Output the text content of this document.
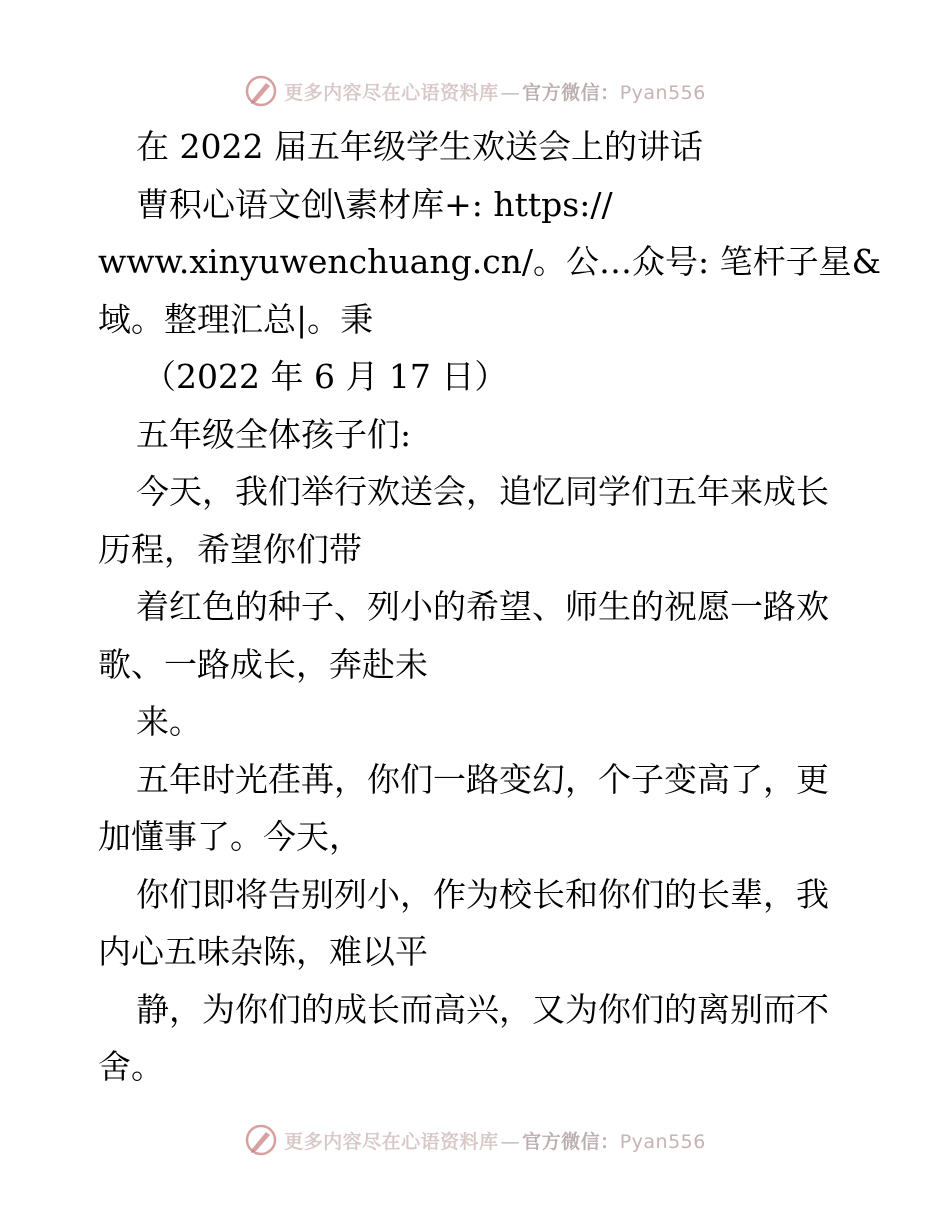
更多内容尽在心语资料库 — 官方微信：Pyan556
在 2022 届五年级学生欢送会上的讲话
曹积心语文创\素材库+: https://
www.xinyuwenchuang.cn/。公…众号: 笔杆子星&
域。整理汇总|。秉
（2022 年 6 月 17 日）
五年级全体孩子们:
今天，我们举行欢送会，追忆同学们五年来成长
历程，希望你们带
着红色的种子、列小的希望、师生的祝愿一路欢
歌、一路成长，奔赴未
来。
五年时光荏苒，你们一路变幻，个子变高了，更
加懂事了。今天，
你们即将告别列小，作为校长和你们的长辈，我
内心五味杂陈，难以平
静，为你们的成长而高兴，又为你们的离别而不
舍。
更多内容尽在心语资料库 — 官方微信：Pyan556
